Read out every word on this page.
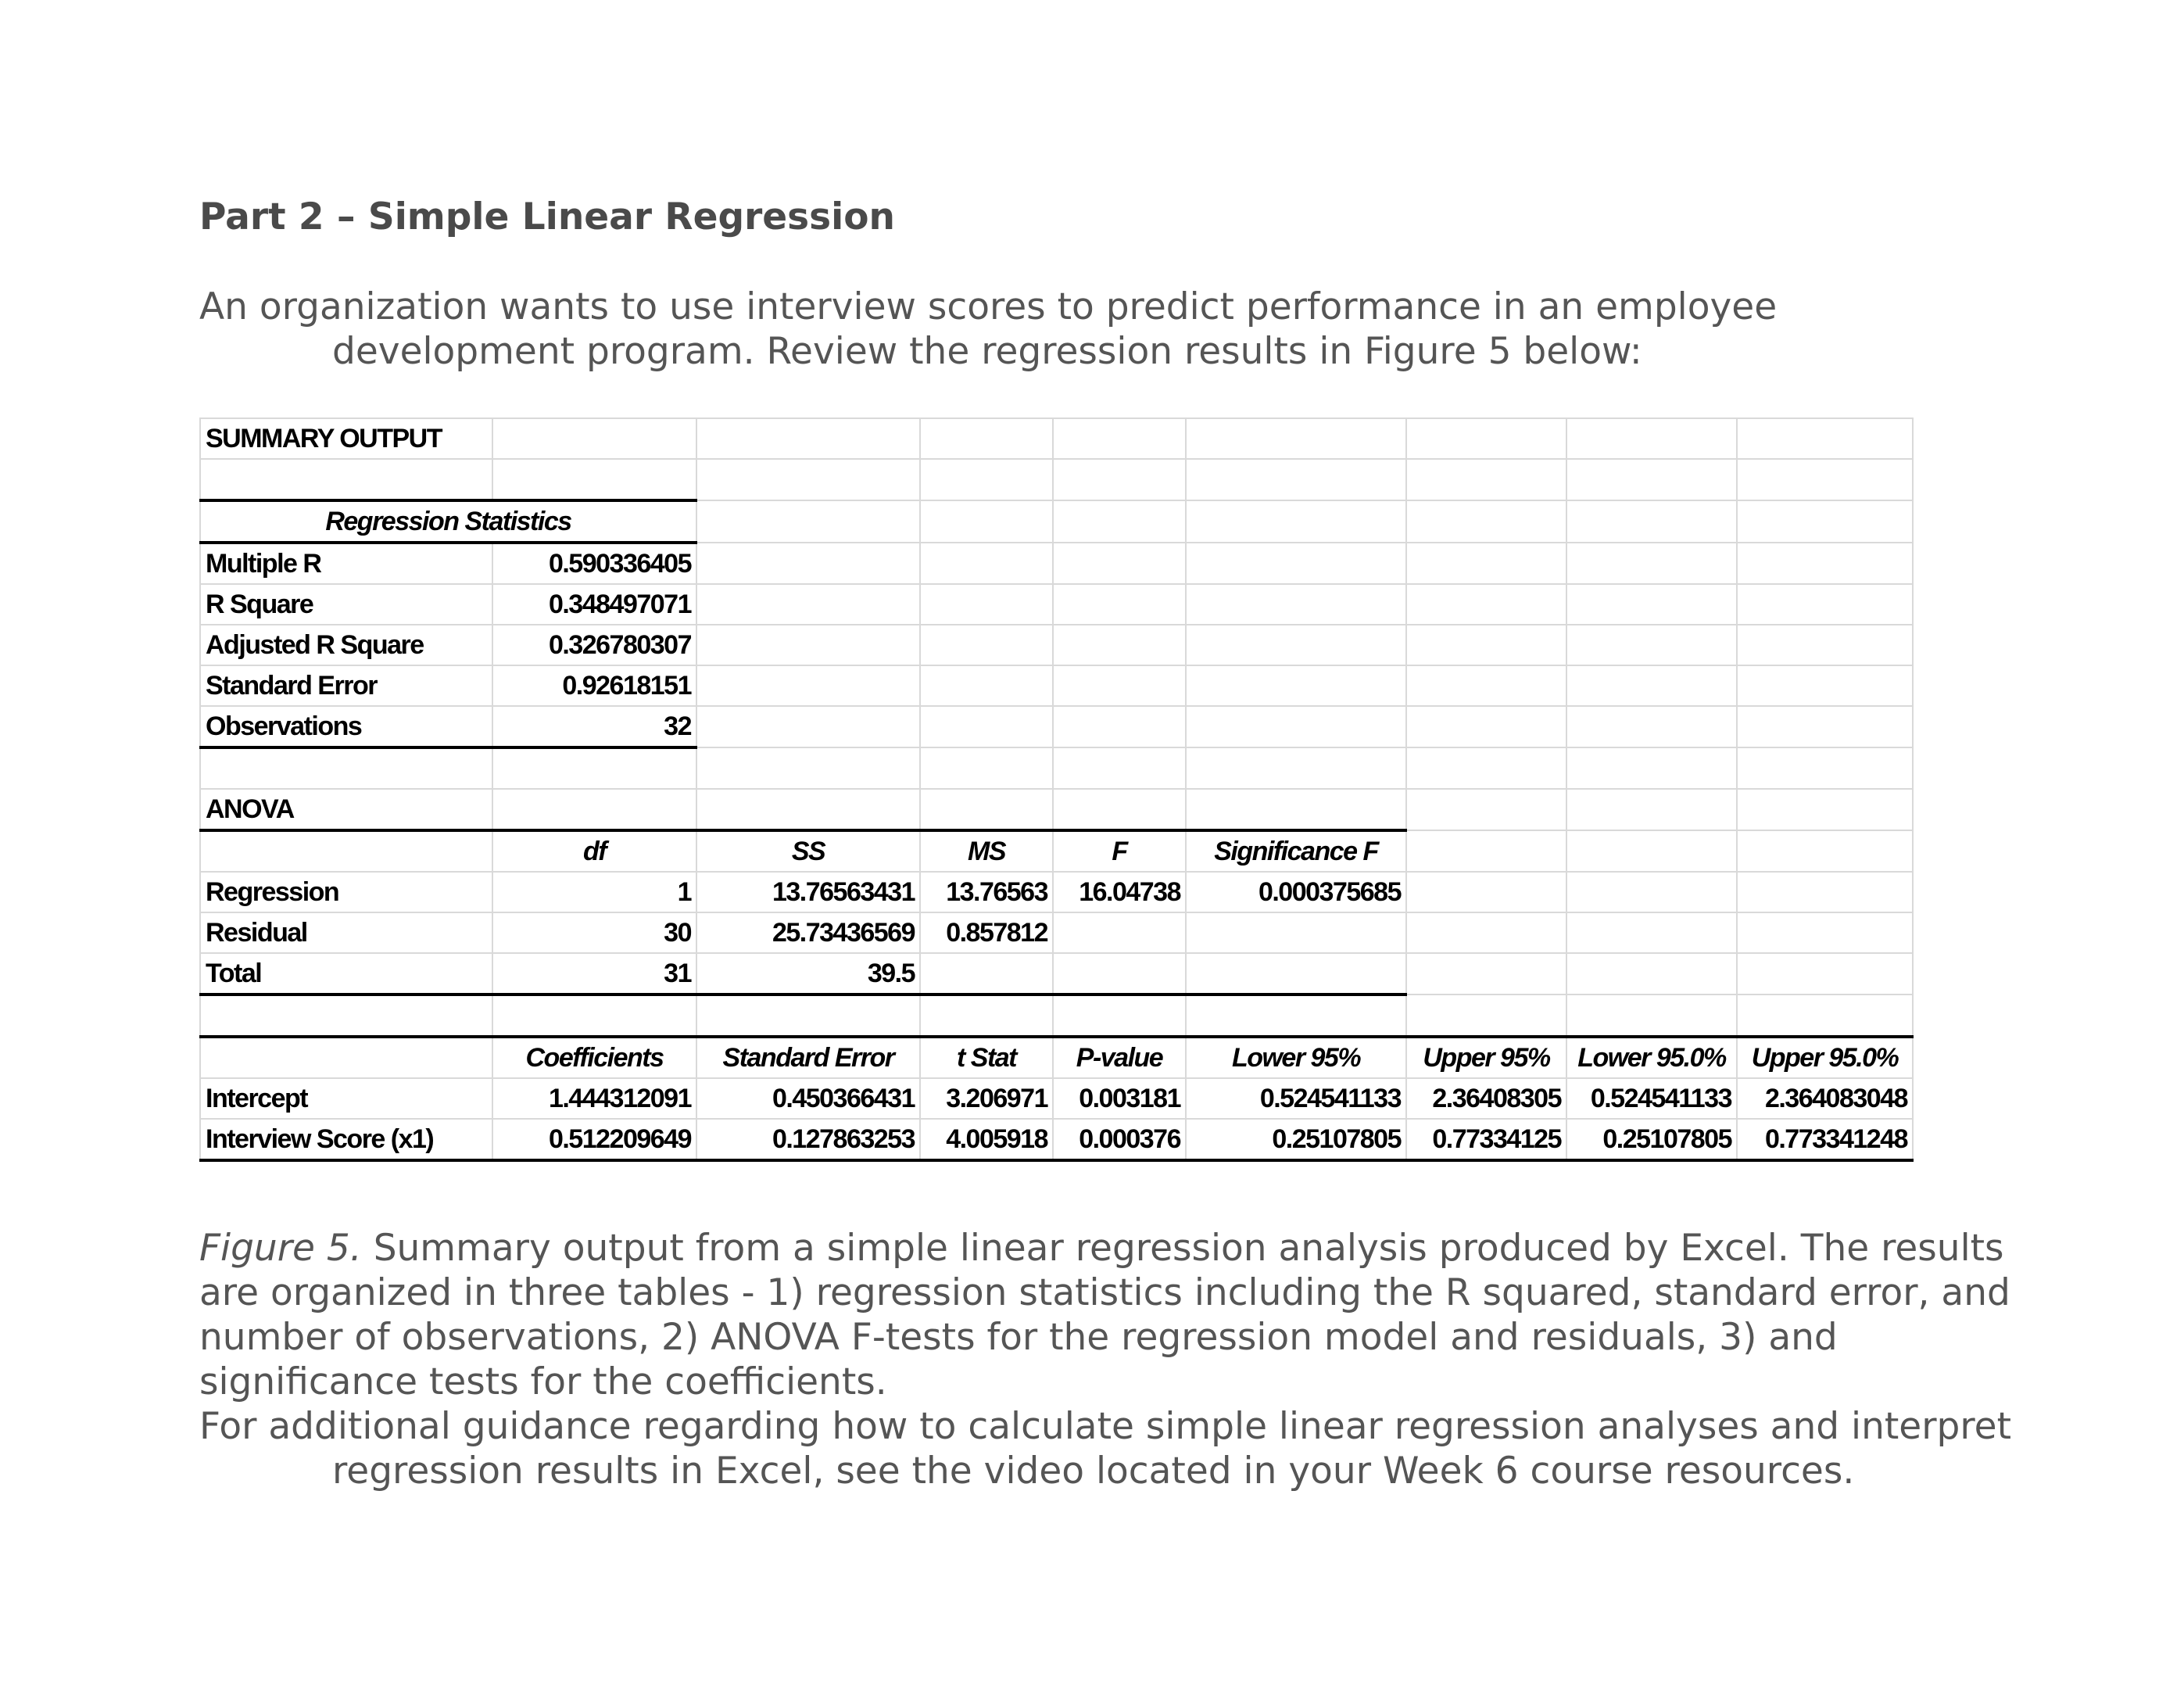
Part 2 – Simple Linear Regression

An organization wants to use interview scores to predict performance in an employee
development program. Review the regression results in Figure 5 below:

SUMMARY OUTPUT								

Regression Statistics								
Multiple R	0.590336405							
R Square	0.348497071							
Adjusted R Square	0.326780307							
Standard Error	0.92618151							
Observations	32							

ANOVA								
	df	SS	MS	F	Significance F			
Regression	1	13.76563431	13.76563	16.04738	0.000375685			
Residual	30	25.73436569	0.857812					
Total	31	39.5						

	Coefficients	Standard Error	t Stat	P-value	Lower 95%	Upper 95%	Lower 95.0%	Upper 95.0%
Intercept	1.444312091	0.450366431	3.206971	0.003181	0.524541133	2.36408305	0.524541133	2.364083048
Interview Score (x1)	0.512209649	0.127863253	4.005918	0.000376	0.25107805	0.77334125	0.25107805	0.773341248

Figure 5. Summary output from a simple linear regression analysis produced by Excel. The results are organized in three tables - 1) regression statistics including the R squared, standard error, and number of observations, 2) ANOVA F-tests for the regression model and residuals, 3) and significance tests for the coefficients.

For additional guidance regarding how to calculate simple linear regression analyses and interpret
regression results in Excel, see the video located in your Week 6 course resources.
